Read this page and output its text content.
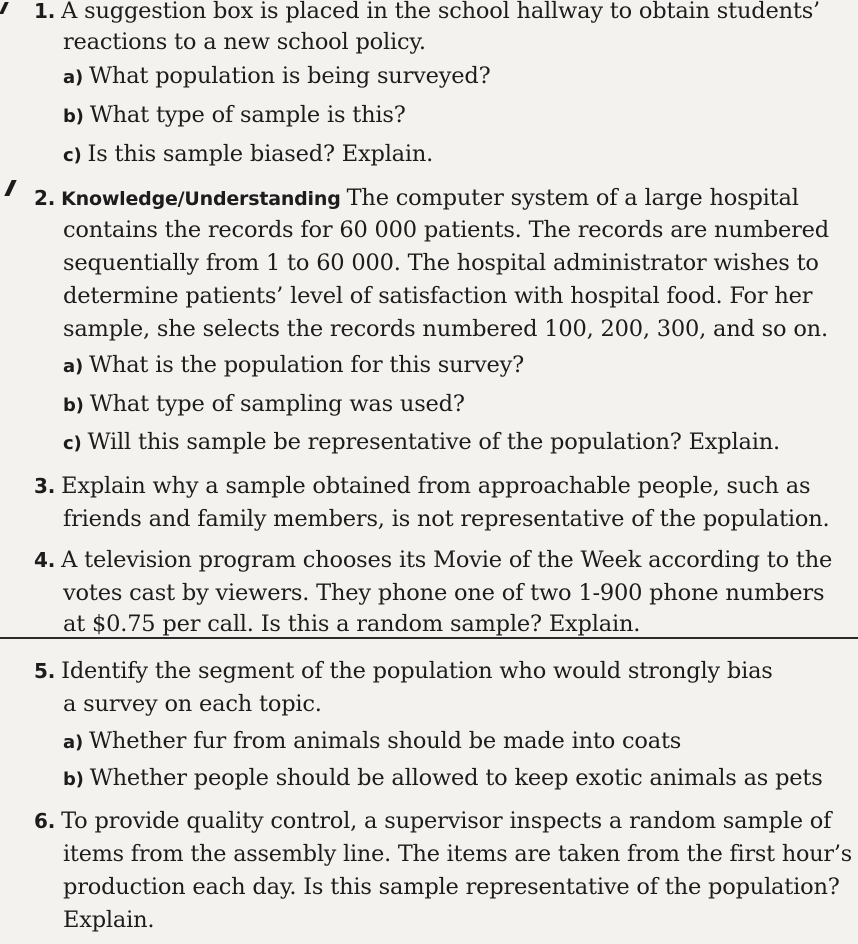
1. A suggestion box is placed in the school hallway to obtain students’
reactions to a new school policy.
a) What population is being surveyed?
b) What type of sample is this?
c) Is this sample biased? Explain.
2. Knowledge/Understanding The computer system of a large hospital
contains the records for 60 000 patients. The records are numbered
sequentially from 1 to 60 000. The hospital administrator wishes to
determine patients’ level of satisfaction with hospital food. For her
sample, she selects the records numbered 100, 200, 300, and so on.
a) What is the population for this survey?
b) What type of sampling was used?
c) Will this sample be representative of the population? Explain.
3. Explain why a sample obtained from approachable people, such as
friends and family members, is not representative of the population.
4. A television program chooses its Movie of the Week according to the
votes cast by viewers. They phone one of two 1-900 phone numbers
at $0.75 per call. Is this a random sample? Explain.
5. Identify the segment of the population who would strongly bias
a survey on each topic.
a) Whether fur from animals should be made into coats
b) Whether people should be allowed to keep exotic animals as pets
6. To provide quality control, a supervisor inspects a random sample of
items from the assembly line. The items are taken from the first hour’s
production each day. Is this sample representative of the population?
Explain.
